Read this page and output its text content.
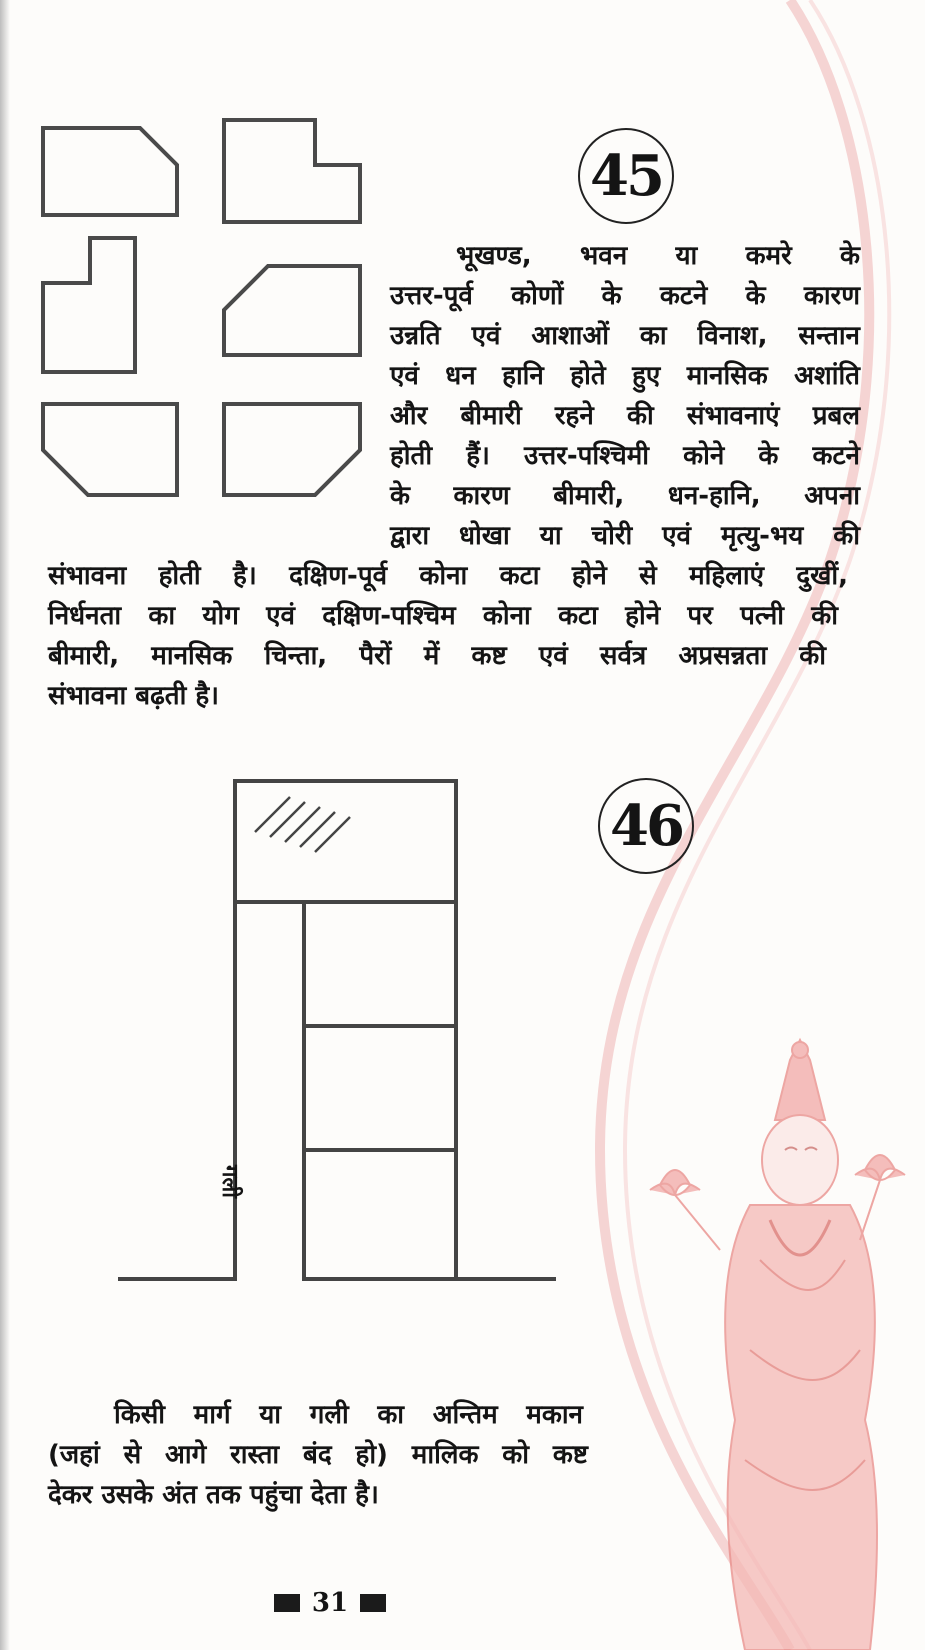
45
भूखण्ड, भवन या कमरे के
उत्तर-पूर्व कोणों के कटने के कारण
उन्नति एवं आशाओं का विनाश, सन्तान
एवं धन हानि होते हुए मानसिक अशांति
और बीमारी रहने की संभावनाएं प्रबल
होती हैं। उत्तर-पश्चिमी कोने के कटने
के कारण बीमारी, धन-हानि, अपना
द्वारा धोखा या चोरी एवं मृत्यु-भय की
संभावना होती है। दक्षिण-पूर्व कोना कटा होने से महिलाएं दुखीं,
निर्धनता का योग एवं दक्षिण-पश्चिम कोना कटा होने पर पत्नी की
बीमारी, मानसिक चिन्ता, पैरों में कष्ट एवं सर्वत्र अप्रसन्नता की
संभावना बढ़ती है।
गली
46
किसी मार्ग या गली का अन्तिम मकान
(जहां से आगे रास्ता बंद हो) मालिक को कष्ट
देकर उसके अंत तक पहुंचा देता है।
31
